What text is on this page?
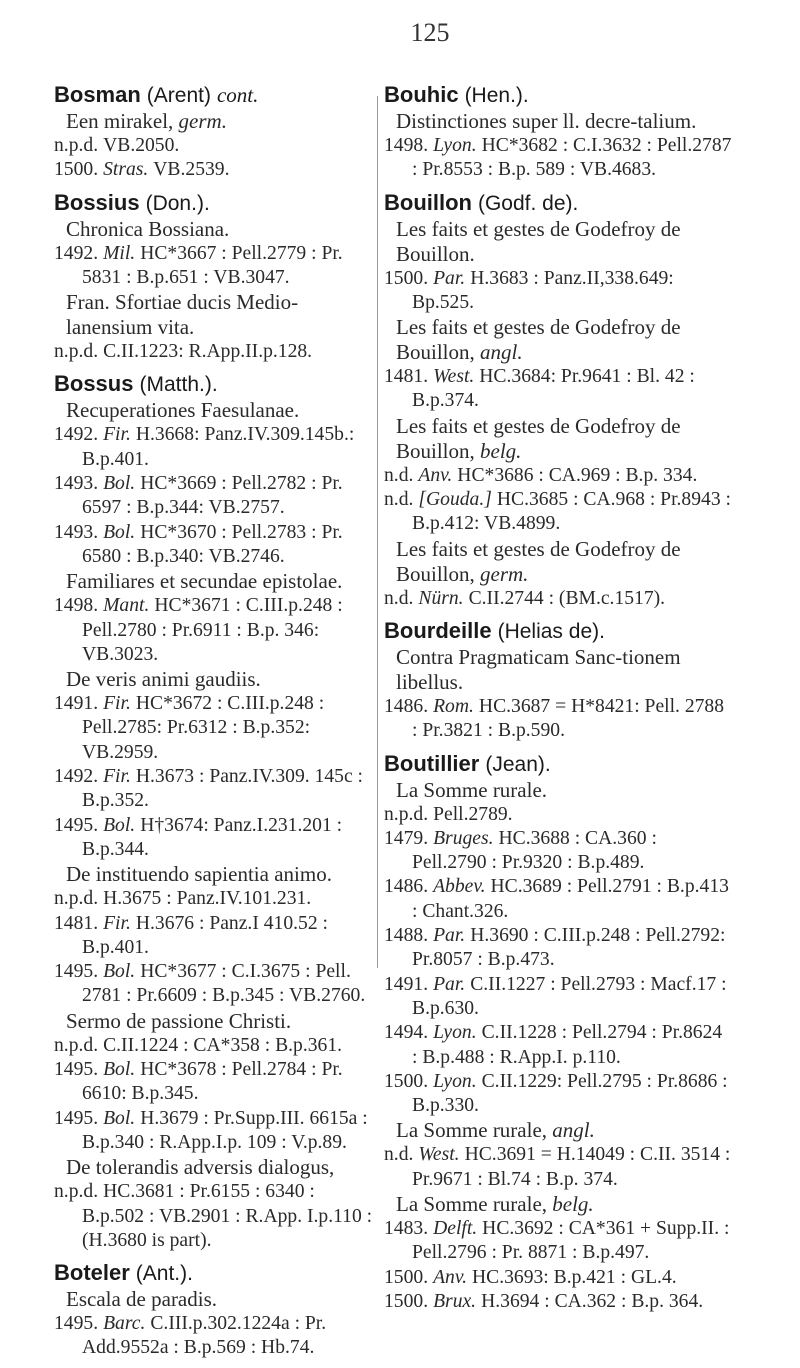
125
Bosman (Arent) cont.
Een mirakel, germ.
n.p.d. VB.2050.
1500. Stras. VB.2539.
Bossius (Don.).
Chronica Bossiana.
1492. Mil. HC*3667 : Pell.2779 : Pr. 5831 : B.p.651 : VB.3047.
Fran. Sfortiae ducis Medio-lanensium vita.
n.p.d. C.II.1223: R.App.II.p.128.
Bossus (Matth.).
Recuperationes Faesulanae.
1492. Fir. H.3668: Panz.IV.309.145b.: B.p.401.
1493. Bol. HC*3669 : Pell.2782 : Pr. 6597 : B.p.344: VB.2757.
1493. Bol. HC*3670 : Pell.2783 : Pr. 6580 : B.p.340: VB.2746.
Familiares et secundae epistolae.
1498. Mant. HC*3671 : C.III.p.248 : Pell.2780 : Pr.6911 : B.p. 346: VB.3023.
De veris animi gaudiis.
1491. Fir. HC*3672 : C.III.p.248 : Pell.2785: Pr.6312 : B.p.352: VB.2959.
1492. Fir. H.3673 : Panz.IV.309. 145c : B.p.352.
1495. Bol. H†3674: Panz.I.231.201 : B.p.344.
De instituendo sapientia animo.
n.p.d. H.3675 : Panz.IV.101.231.
1481. Fir. H.3676 : Panz.I 410.52 : B.p.401.
1495. Bol. HC*3677 : C.I.3675 : Pell. 2781 : Pr.6609 : B.p.345 : VB.2760.
Sermo de passione Christi.
n.p.d. C.II.1224 : CA*358 : B.p.361.
1495. Bol. HC*3678 : Pell.2784 : Pr. 6610: B.p.345.
1495. Bol. H.3679 : Pr.Supp.III. 6615a : B.p.340 : R.App.I.p. 109 : V.p.89.
De tolerandis adversis dialogus,
n.p.d. HC.3681 : Pr.6155 : 6340 : B.p.502 : VB.2901 : R.App. I.p.110 : (H.3680 is part).
Boteler (Ant.).
Escala de paradis.
1495. Barc. C.III.p.302.1224a : Pr. Add.9552a : B.p.569 : Hb.74.
Bouhic (Hen.).
Distinctiones super ll. decre-talium.
1498. Lyon. HC*3682 : C.I.3632 : Pell.2787 : Pr.8553 : B.p. 589 : VB.4683.
Bouillon (Godf. de).
Les faits et gestes de Godefroy de Bouillon.
1500. Par. H.3683 : Panz.II,338.649: Bp.525.
Les faits et gestes de Godefroy de Bouillon, angl.
1481. West. HC.3684: Pr.9641 : Bl. 42 : B.p.374.
Les faits et gestes de Godefroy de Bouillon, belg.
n.d. Anv. HC*3686 : CA.969 : B.p. 334.
n.d. [Gouda.] HC.3685 : CA.968 : Pr.8943 : B.p.412: VB.4899.
Les faits et gestes de Godefroy de Bouillon, germ.
n.d. Nürn. C.II.2744 : (BM.c.1517).
Bourdeille (Helias de).
Contra Pragmaticam Sanc-tionem libellus.
1486. Rom. HC.3687 = H*8421: Pell. 2788 : Pr.3821 : B.p.590.
Boutillier (Jean).
La Somme rurale.
n.p.d. Pell.2789.
1479. Bruges. HC.3688 : CA.360 : Pell.2790 : Pr.9320 : B.p.489.
1486. Abbev. HC.3689 : Pell.2791 : B.p.413 : Chant.326.
1488. Par. H.3690 : C.III.p.248 : Pell.2792: Pr.8057 : B.p.473.
1491. Par. C.II.1227 : Pell.2793 : Macf.17 : B.p.630.
1494. Lyon. C.II.1228 : Pell.2794 : Pr.8624 : B.p.488 : R.App.I. p.110.
1500. Lyon. C.II.1229: Pell.2795 : Pr.8686 : B.p.330.
La Somme rurale, angl.
n.d. West. HC.3691 = H.14049 : C.II. 3514 : Pr.9671 : Bl.74 : B.p. 374.
La Somme rurale, belg.
1483. Delft. HC.3692 : CA*361 + Supp.II. : Pell.2796 : Pr. 8871 : B.p.497.
1500. Anv. HC.3693: B.p.421 : GL.4.
1500. Brux. H.3694 : CA.362 : B.p. 364.
